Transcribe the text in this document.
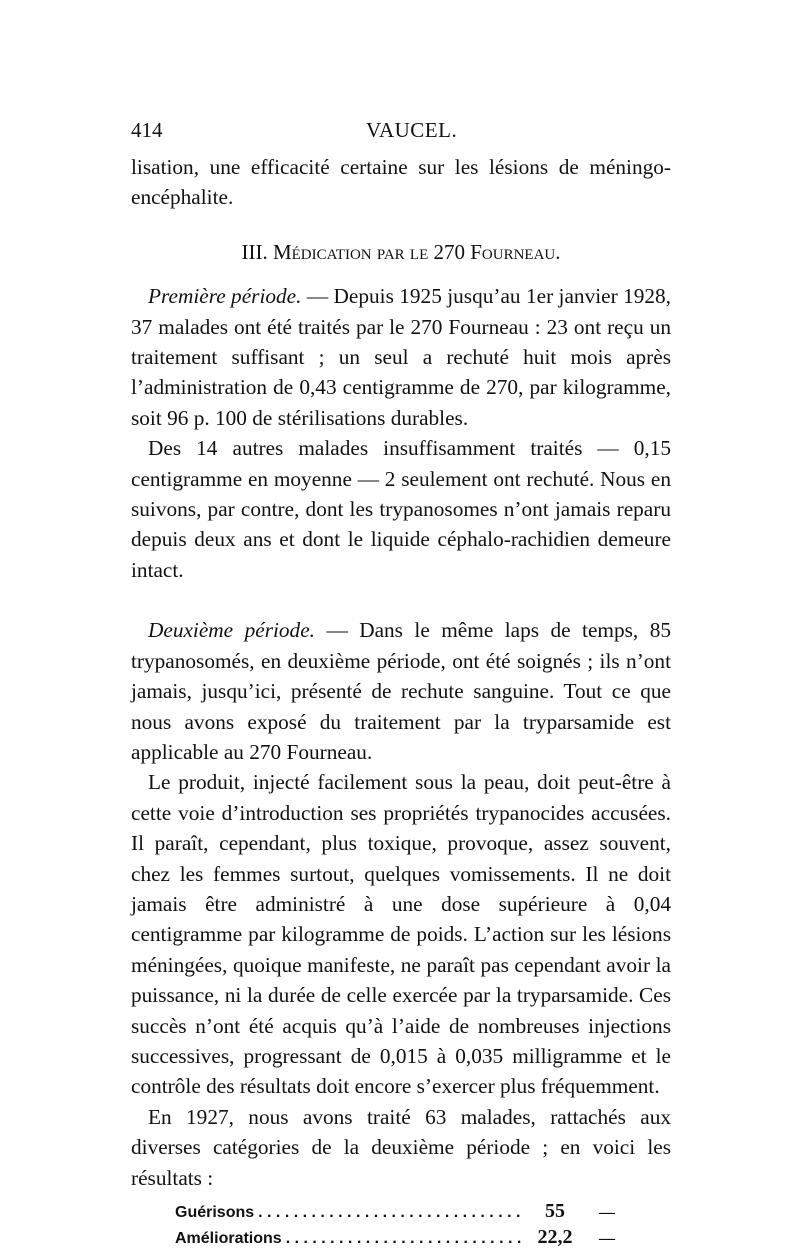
414	VAUCEL.

lisation, une efficacité certaine sur les lésions de méningo-encéphalite.

III. Médication par le 270 Fourneau.

Première période. — Depuis 1925 jusqu’au 1er janvier 1928, 37 malades ont été traités par le 270 Fourneau : 23 ont reçu un traitement suffisant ; un seul a rechuté huit mois après l’administration de 0,43 centigramme de 270, par kilogramme, soit 96 p. 100 de stérilisations durables.

Des 14 autres malades insuffisamment traités — 0,15 centigramme en moyenne — 2 seulement ont rechuté. Nous en suivons, par contre, dont les trypanosomes n’ont jamais reparu depuis deux ans et dont le liquide céphalo-rachidien demeure intact.

Deuxième période. — Dans le même laps de temps, 85 trypanosomés, en deuxième période, ont été soignés ; ils n’ont jamais, jusqu’ici, présenté de rechute sanguine. Tout ce que nous avons exposé du traitement par la tryparsamide est applicable au 270 Fourneau.

Le produit, injecté facilement sous la peau, doit peut-être à cette voie d’introduction ses propriétés trypanocides accusées. Il paraît, cependant, plus toxique, provoque, assez souvent, chez les femmes surtout, quelques vomissements. Il ne doit jamais être administré à une dose supérieure à 0,04 centigramme par kilogramme de poids. L’action sur les lésions méningées, quoique manifeste, ne paraît pas cependant avoir la puissance, ni la durée de celle exercée par la tryparsamide. Ces succès n’ont été acquis qu’à l’aide de nombreuses injections successives, progressant de 0,015 à 0,035 milligramme et le contrôle des résultats doit encore s’exercer plus fréquemment.

En 1927, nous avons traité 63 malades, rattachés aux diverses catégories de la deuxième période ; en voici les résultats :

Guérisons . . .	55	—
Améliorations . . .	22,2	—
